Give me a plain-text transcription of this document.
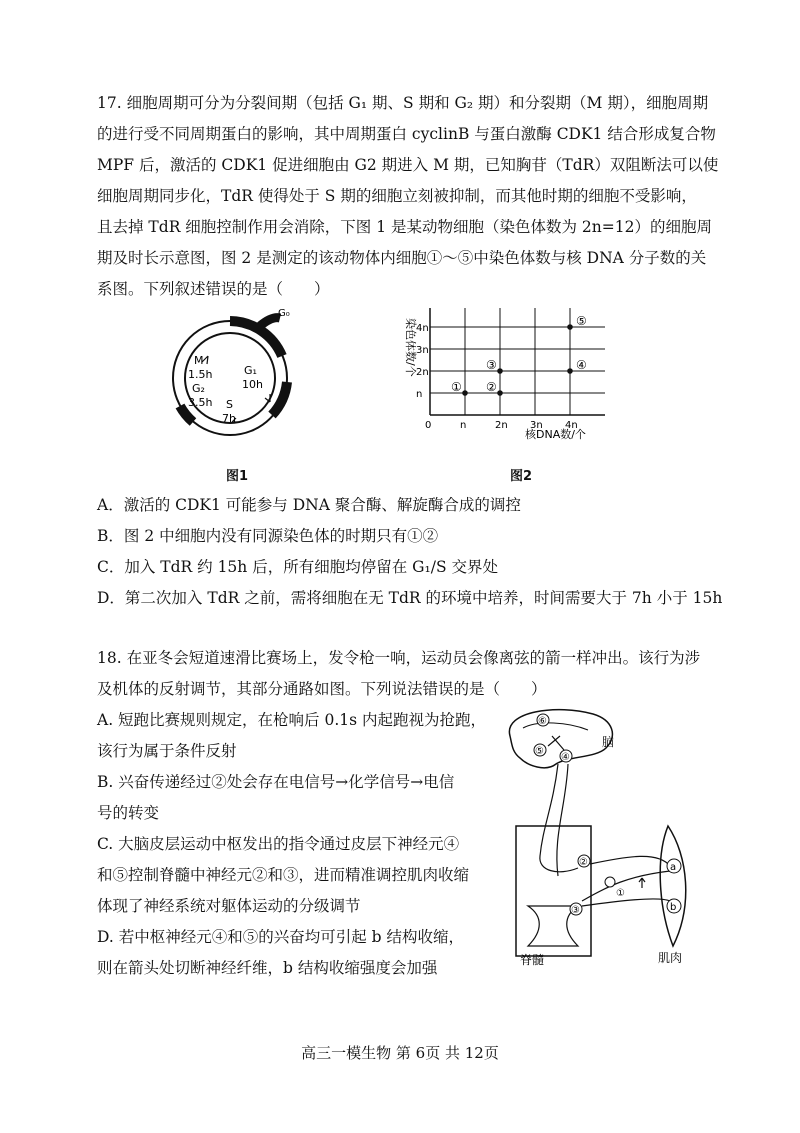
17. 细胞周期可分为分裂间期（包括 G₁ 期、S 期和 G₂ 期）和分裂期（M 期），细胞周期
的进行受不同周期蛋白的影响，其中周期蛋白 cyclinB 与蛋白激酶 CDK1 结合形成复合物
MPF 后，激活的 CDK1 促进细胞由 G2 期进入 M 期，已知胸苷（TdR）双阻断法可以使
细胞周期同步化，TdR 使得处于 S 期的细胞立刻被抑制，而其他时期的细胞不受影响，
且去掉 TdR 细胞控制作用会消除，下图 1 是某动物细胞（染色体数为 2n=12）的细胞周
期及时长示意图，图 2 是测定的该动物体内细胞①～⑤中染色体数与核 DNA 分子数的关
系图。下列叙述错误的是（　　）
G₀
M
1.5h
G₂
3.5h
G₁
10h
S
7h
图1
0	n	2n 3n 4n
n
2n
3n
4n
① ②
③	④
⑤
核DNA数/个
染色体数/个
图2
A．激活的 CDK1 可能参与 DNA 聚合酶、解旋酶合成的调控
B．图 2 中细胞内没有同源染色体的时期只有①②
C．加入 TdR 约 15h 后，所有细胞均停留在 G₁/S 交界处
D．第二次加入 TdR 之前，需将细胞在无 TdR 的环境中培养，时间需要大于 7h 小于 15h
18. 在亚冬会短道速滑比赛场上，发令枪一响，运动员会像离弦的箭一样冲出。该行为涉
及机体的反射调节，其部分通路如图。下列说法错误的是（　　）
A. 短跑比赛规则规定，在枪响后 0.1s 内起跑视为抢跑，
该行为属于条件反射
B. 兴奋传递经过②处会存在电信号→化学信号→电信
号的转变
C. 大脑皮层运动中枢发出的指令通过皮层下神经元④
和⑤控制脊髓中神经元②和③，进而精准调控肌肉收缩
体现了神经系统对躯体运动的分级调节
D. 若中枢神经元④和⑤的兴奋均可引起 b 结构收缩，
则在箭头处切断神经纤维，b 结构收缩强度会加强
脑
⑥
⑤
④
脊髓
②
③
①
a
b
肌肉
高三一模生物 第 6页 共 12页
